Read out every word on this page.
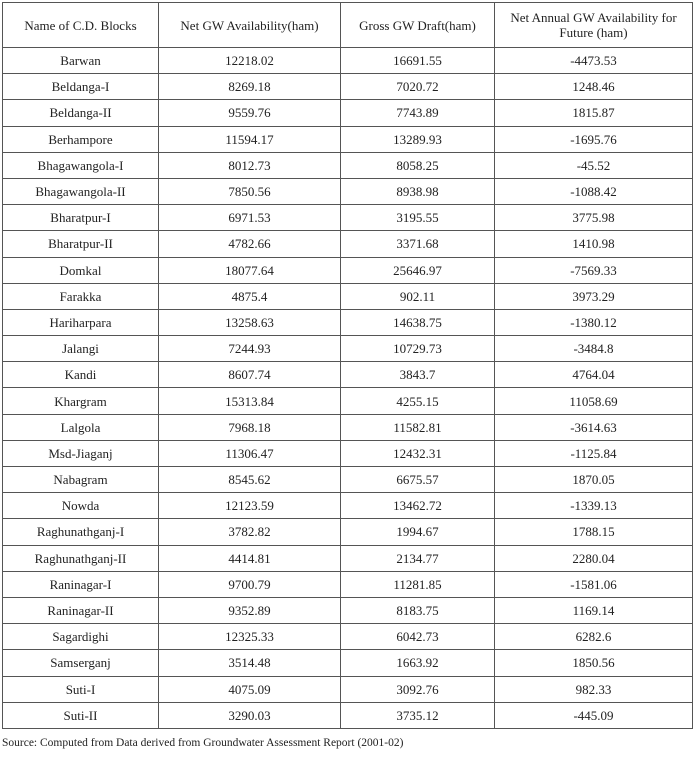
Name of C.D. Blocks	Net GW Availability(ham)	Gross GW Draft(ham)	Net Annual GW Availability for Future (ham)
Barwan	12218.02	16691.55	-4473.53
Beldanga-I	8269.18	7020.72	1248.46
Beldanga-II	9559.76	7743.89	1815.87
Berhampore	11594.17	13289.93	-1695.76
Bhagawangola-I	8012.73	8058.25	-45.52
Bhagawangola-II	7850.56	8938.98	-1088.42
Bharatpur-I	6971.53	3195.55	3775.98
Bharatpur-II	4782.66	3371.68	1410.98
Domkal	18077.64	25646.97	-7569.33
Farakka	4875.4	902.11	3973.29
Hariharpara	13258.63	14638.75	-1380.12
Jalangi	7244.93	10729.73	-3484.8
Kandi	8607.74	3843.7	4764.04
Khargram	15313.84	4255.15	11058.69
Lalgola	7968.18	11582.81	-3614.63
Msd-Jiaganj	11306.47	12432.31	-1125.84
Nabagram	8545.62	6675.57	1870.05
Nowda	12123.59	13462.72	-1339.13
Raghunathganj-I	3782.82	1994.67	1788.15
Raghunathganj-II	4414.81	2134.77	2280.04
Raninagar-I	9700.79	11281.85	-1581.06
Raninagar-II	9352.89	8183.75	1169.14
Sagardighi	12325.33	6042.73	6282.6
Samserganj	3514.48	1663.92	1850.56
Suti-I	4075.09	3092.76	982.33
Suti-II	3290.03	3735.12	-445.09
Source: Computed from Data derived from Groundwater Assessment Report (2001-02)
